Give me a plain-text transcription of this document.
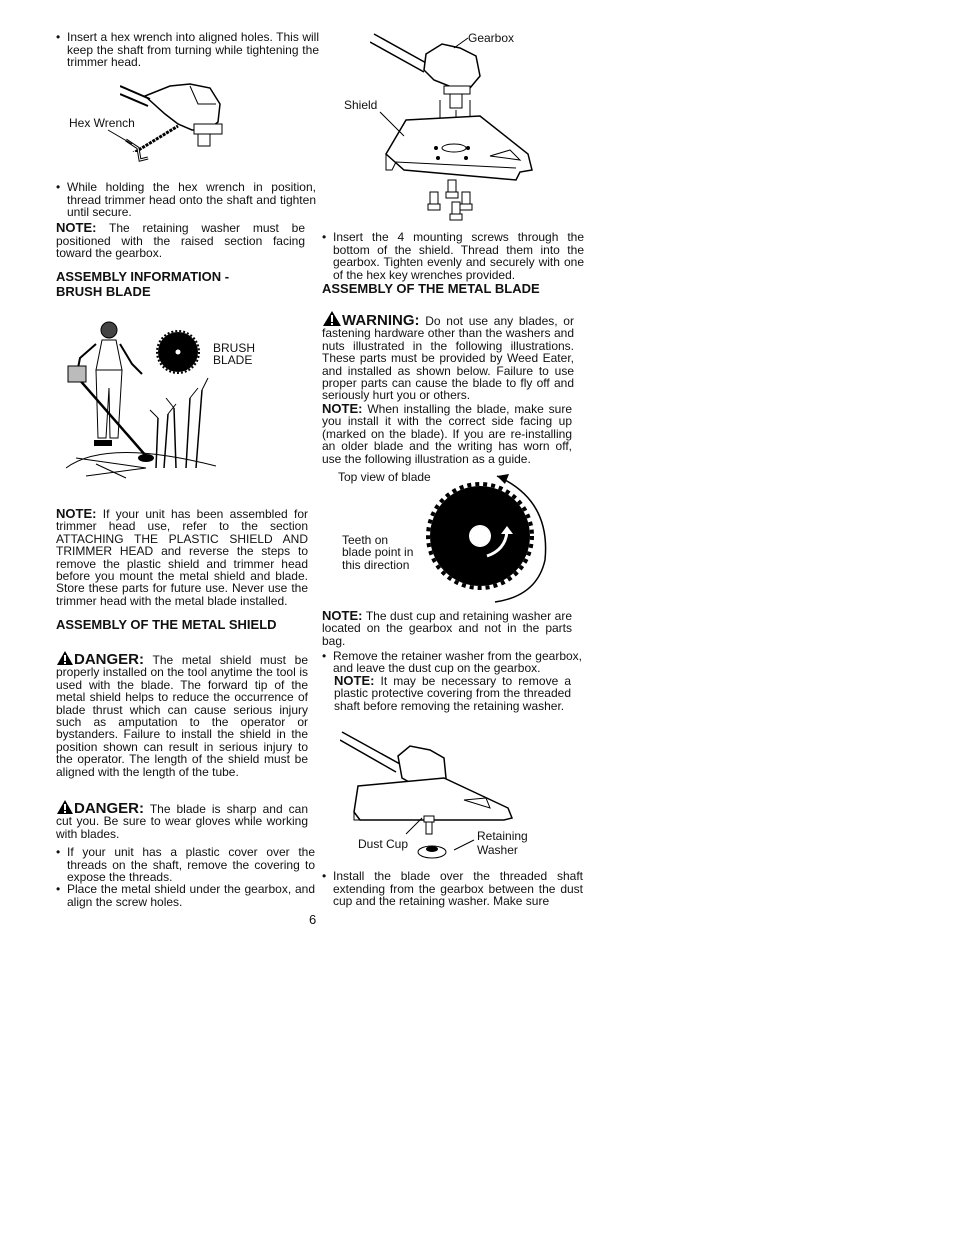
• Insert a hex wrench into aligned holes. This will keep the shaft from turning while tightening the trimmer head.

Hex Wrench

• While holding the hex wrench in position, thread trimmer head onto the shaft and tighten until secure.

NOTE: The retaining washer must be positioned with the raised section facing toward the gearbox.

ASSEMBLY INFORMATION -
BRUSH BLADE
BRUSH
BLADE

NOTE: If your unit has been assembled for trimmer head use, refer to the section ATTACHING THE PLASTIC SHIELD AND TRIMMER HEAD and reverse the steps to remove the plastic shield and trimmer head before you mount the metal shield and blade. Store these parts for future use. Never use the trimmer head with the metal blade installed.

ASSEMBLY OF THE METAL SHIELD

DANGER: The metal shield must be properly installed on the tool anytime the tool is used with the blade. The forward tip of the metal shield helps to reduce the occurrence of blade thrust which can cause serious injury such as amputation to the operator or bystanders. Failure to install the shield in the position shown can result in serious injury to the operator. The length of the shield must be aligned with the length of the tube.

DANGER: The blade is sharp and can cut you. Be sure to wear gloves while working with blades.

• If your unit has a plastic cover over the threads on the shaft, remove the covering to expose the threads.

• Place the metal shield under the gearbox, and align the screw holes.

Gearbox
Shield

• Insert the 4 mounting screws through the bottom of the shield. Thread them into the gearbox. Tighten evenly and securely with one of the hex key wrenches provided.

ASSEMBLY OF THE METAL BLADE

WARNING: Do not use any blades, or fastening hardware other than the washers and nuts illustrated in the following illustrations. These parts must be provided by Weed Eater, and installed as shown below. Failure to use proper parts can cause the blade to fly off and seriously hurt you or others.

NOTE: When installing the blade, make sure you install it with the correct side facing up (marked on the blade). If you are re-installing an older blade and the writing has worn off, use the following illustration as a guide.

Top view of blade
Teeth on
blade point in
this direction

NOTE: The dust cup and retaining washer are located on the gearbox and not in the parts bag.

• Remove the retainer washer from the gearbox, and leave the dust cup on the gearbox.

NOTE: It may be necessary to remove a plastic protective covering from the threaded shaft before removing the retaining washer.

Dust Cup
Retaining
Washer

• Install the blade over the threaded shaft extending from the gearbox between the dust cup and the retaining washer. Make sure

6
